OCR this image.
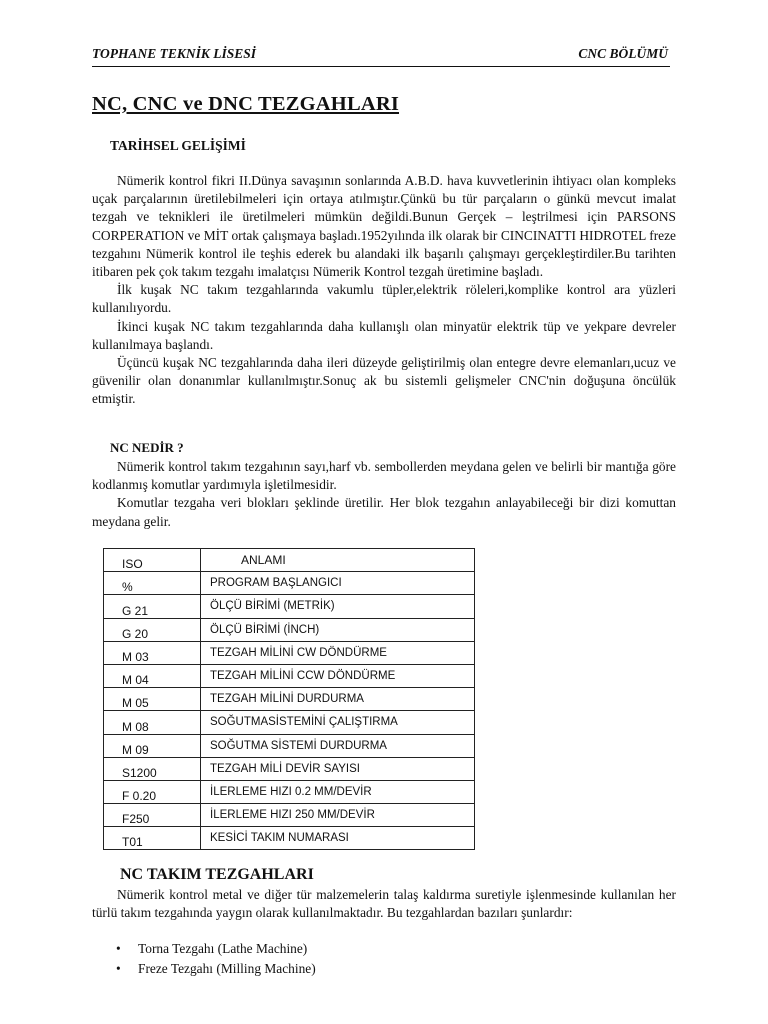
TOPHANE TEKNİK LİSESİ	CNC BÖLÜMÜ
NC, CNC ve DNC TEZGAHLARI
TARİHSEL GELİŞİMİ

Nümerik kontrol fikri II.Dünya savaşının sonlarında A.B.D. hava kuvvetlerinin ihtiyacı olan kompleks uçak parçalarının üretilebilmeleri için ortaya atılmıştır.Çünkü bu tür parçaların o günkü mevcut imalat tezgah ve teknikleri ile üretilmeleri mümkün değildi.Bunun Gerçek – leştrilmesi için PARSONS CORPERATION ve MİT ortak çalışmaya başladı.1952yılında ilk olarak bir CINCINATTI HIDROTEL freze tezgahını Nümerik kontrol ile teşhis ederek bu alandaki ilk başarılı çalışmayı gerçekleştirdiler.Bu tarihten itibaren pek çok takım tezgahı imalatçısı Nümerik Kontrol tezgah üretimine başladı.

İlk kuşak NC takım tezgahlarında vakumlu tüpler,elektrik röleleri,komplike kontrol ara yüzleri kullanılıyordu.

İkinci kuşak NC takım tezgahlarında daha kullanışlı olan minyatür elektrik tüp ve yekpare devreler kullanılmaya başlandı.

Üçüncü kuşak NC tezgahlarında daha ileri düzeyde geliştirilmiş olan entegre devre elemanları,ucuz ve güvenilir olan donanımlar kullanılmıştır.Sonuç ak bu sistemli gelişmeler CNC'nin doğuşuna öncülük etmiştir.

NC NEDİR ?

Nümerik kontrol takım tezgahının sayı,harf vb. sembollerden meydana gelen ve belirli bir mantığa göre kodlanmış komutlar yardımıyla işletilmesidir.

Komutlar tezgaha veri blokları şeklinde üretilir. Her blok tezgahın anlayabileceği bir dizi komuttan meydana gelir.

ISO	ANLAMI
%	PROGRAM BAŞLANGICI
G 21	ÖLÇÜ BİRİMİ (METRİK)
G 20	ÖLÇÜ BİRİMİ (İNCH)
M 03	TEZGAH MİLİNİ CW DÖNDÜRME
M 04	TEZGAH MİLİNİ CCW DÖNDÜRME
M 05	TEZGAH MİLİNİ DURDURMA
M 08	SOĞUTMASİSTEMİNİ ÇALIŞTIRMA
M 09	SOĞUTMA SİSTEMİ DURDURMA
S1200	TEZGAH MİLİ DEVİR SAYISI
F 0.20	İLERLEME HIZI 0.2 MM/DEVİR
F250	İLERLEME HIZI 250 MM/DEVİR
T01	KESİCİ TAKIM NUMARASI
NC TAKIM TEZGAHLARI

Nümerik kontrol metal ve diğer tür malzemelerin talaş kaldırma suretiyle işlenmesinde kullanılan her türlü takım tezgahında yaygın olarak kullanılmaktadır. Bu tezgahlardan bazıları şunlardır:

• Torna Tezgahı (Lathe Machine)
• Freze Tezgahı (Milling Machine)
